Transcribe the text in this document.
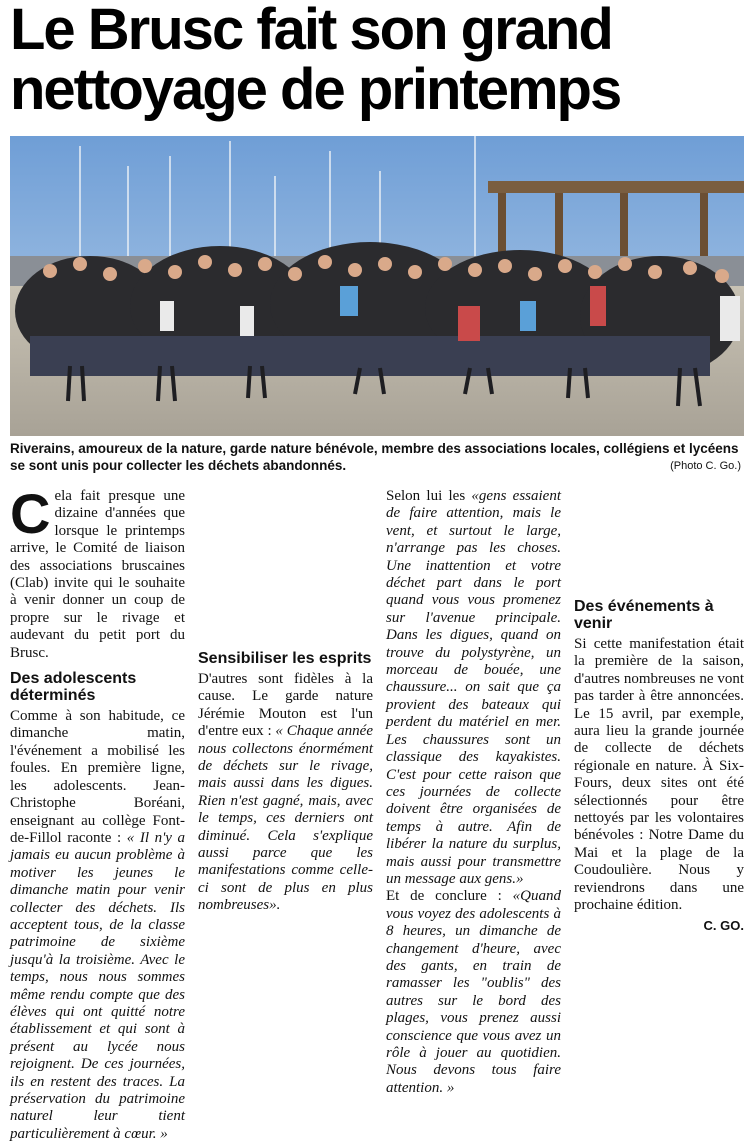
Le Brusc fait son grand nettoyage de printemps

Riverains, amoureux de la nature, garde nature bénévole, membre des associations locales, collégiens et lycéens se sont unis pour collecter les déchets abandonnés.	(Photo C. Go.)

Cela fait presque une dizaine d'années que lorsque le printemps arrive, le Comité de liaison des associations bruscaines (Clab) invite qui le souhaite à venir donner un coup de propre sur le rivage et audevant du petit port du Brusc.

Des adolescents déterminés

Comme à son habitude, ce dimanche matin, l'événement a mobilisé les foules. En première ligne, les adolescents. Jean-Christophe Boréani, enseignant au collège Font-de-Fillol raconte : « Il n'y a jamais eu aucun problème à motiver les jeunes le dimanche matin pour venir collecter des déchets. Ils acceptent tous, de la classe patrimoine de sixième jusqu'à la troisième. Avec le temps, nous nous sommes même rendu compte que des élèves qui ont quitté notre établissement et qui sont à présent au lycée nous rejoignent. De ces journées, ils en restent des traces. La préservation du patrimoine naturel leur tient particulièrement à cœur. »

Sensibiliser les esprits

D'autres sont fidèles à la cause. Le garde nature Jérémie Mouton est l'un d'entre eux : « Chaque année nous collectons énormément de déchets sur le rivage, mais aussi dans les digues. Rien n'est gagné, mais, avec le temps, ces derniers ont diminué. Cela s'explique aussi parce que les manifestations comme celle-ci sont de plus en plus nombreuses».

Selon lui les «gens essaient de faire attention, mais le vent, et surtout le large, n'arrange pas les choses. Une inattention et votre déchet part dans le port quand vous vous promenez sur l'avenue principale. Dans les digues, quand on trouve du polystyrène, un morceau de bouée, une chaussure... on sait que ça provient des bateaux qui perdent du matériel en mer. Les chaussures sont un classique des kayakistes. C'est pour cette raison que ces journées de collecte doivent être organisées de temps à autre. Afin de libérer la nature du surplus, mais aussi pour transmettre un message aux gens.»

Et de conclure : «Quand vous voyez des adolescents à 8 heures, un dimanche de changement d'heure, avec des gants, en train de ramasser les "oublis" des autres sur le bord des plages, vous prenez aussi conscience que vous avez un rôle à jouer au quotidien. Nous devons tous faire attention. »

Des événements à venir

Si cette manifestation était la première de la saison, d'autres nombreuses ne vont pas tarder à être annoncées. Le 15 avril, par exemple, aura lieu la grande journée de collecte de déchets régionale en nature. À Six-Fours, deux sites ont été sélectionnés pour être nettoyés par les volontaires bénévoles : Notre Dame du Mai et la plage de la Coudoulière. Nous y reviendrons dans une prochaine édition.

C. GO.
